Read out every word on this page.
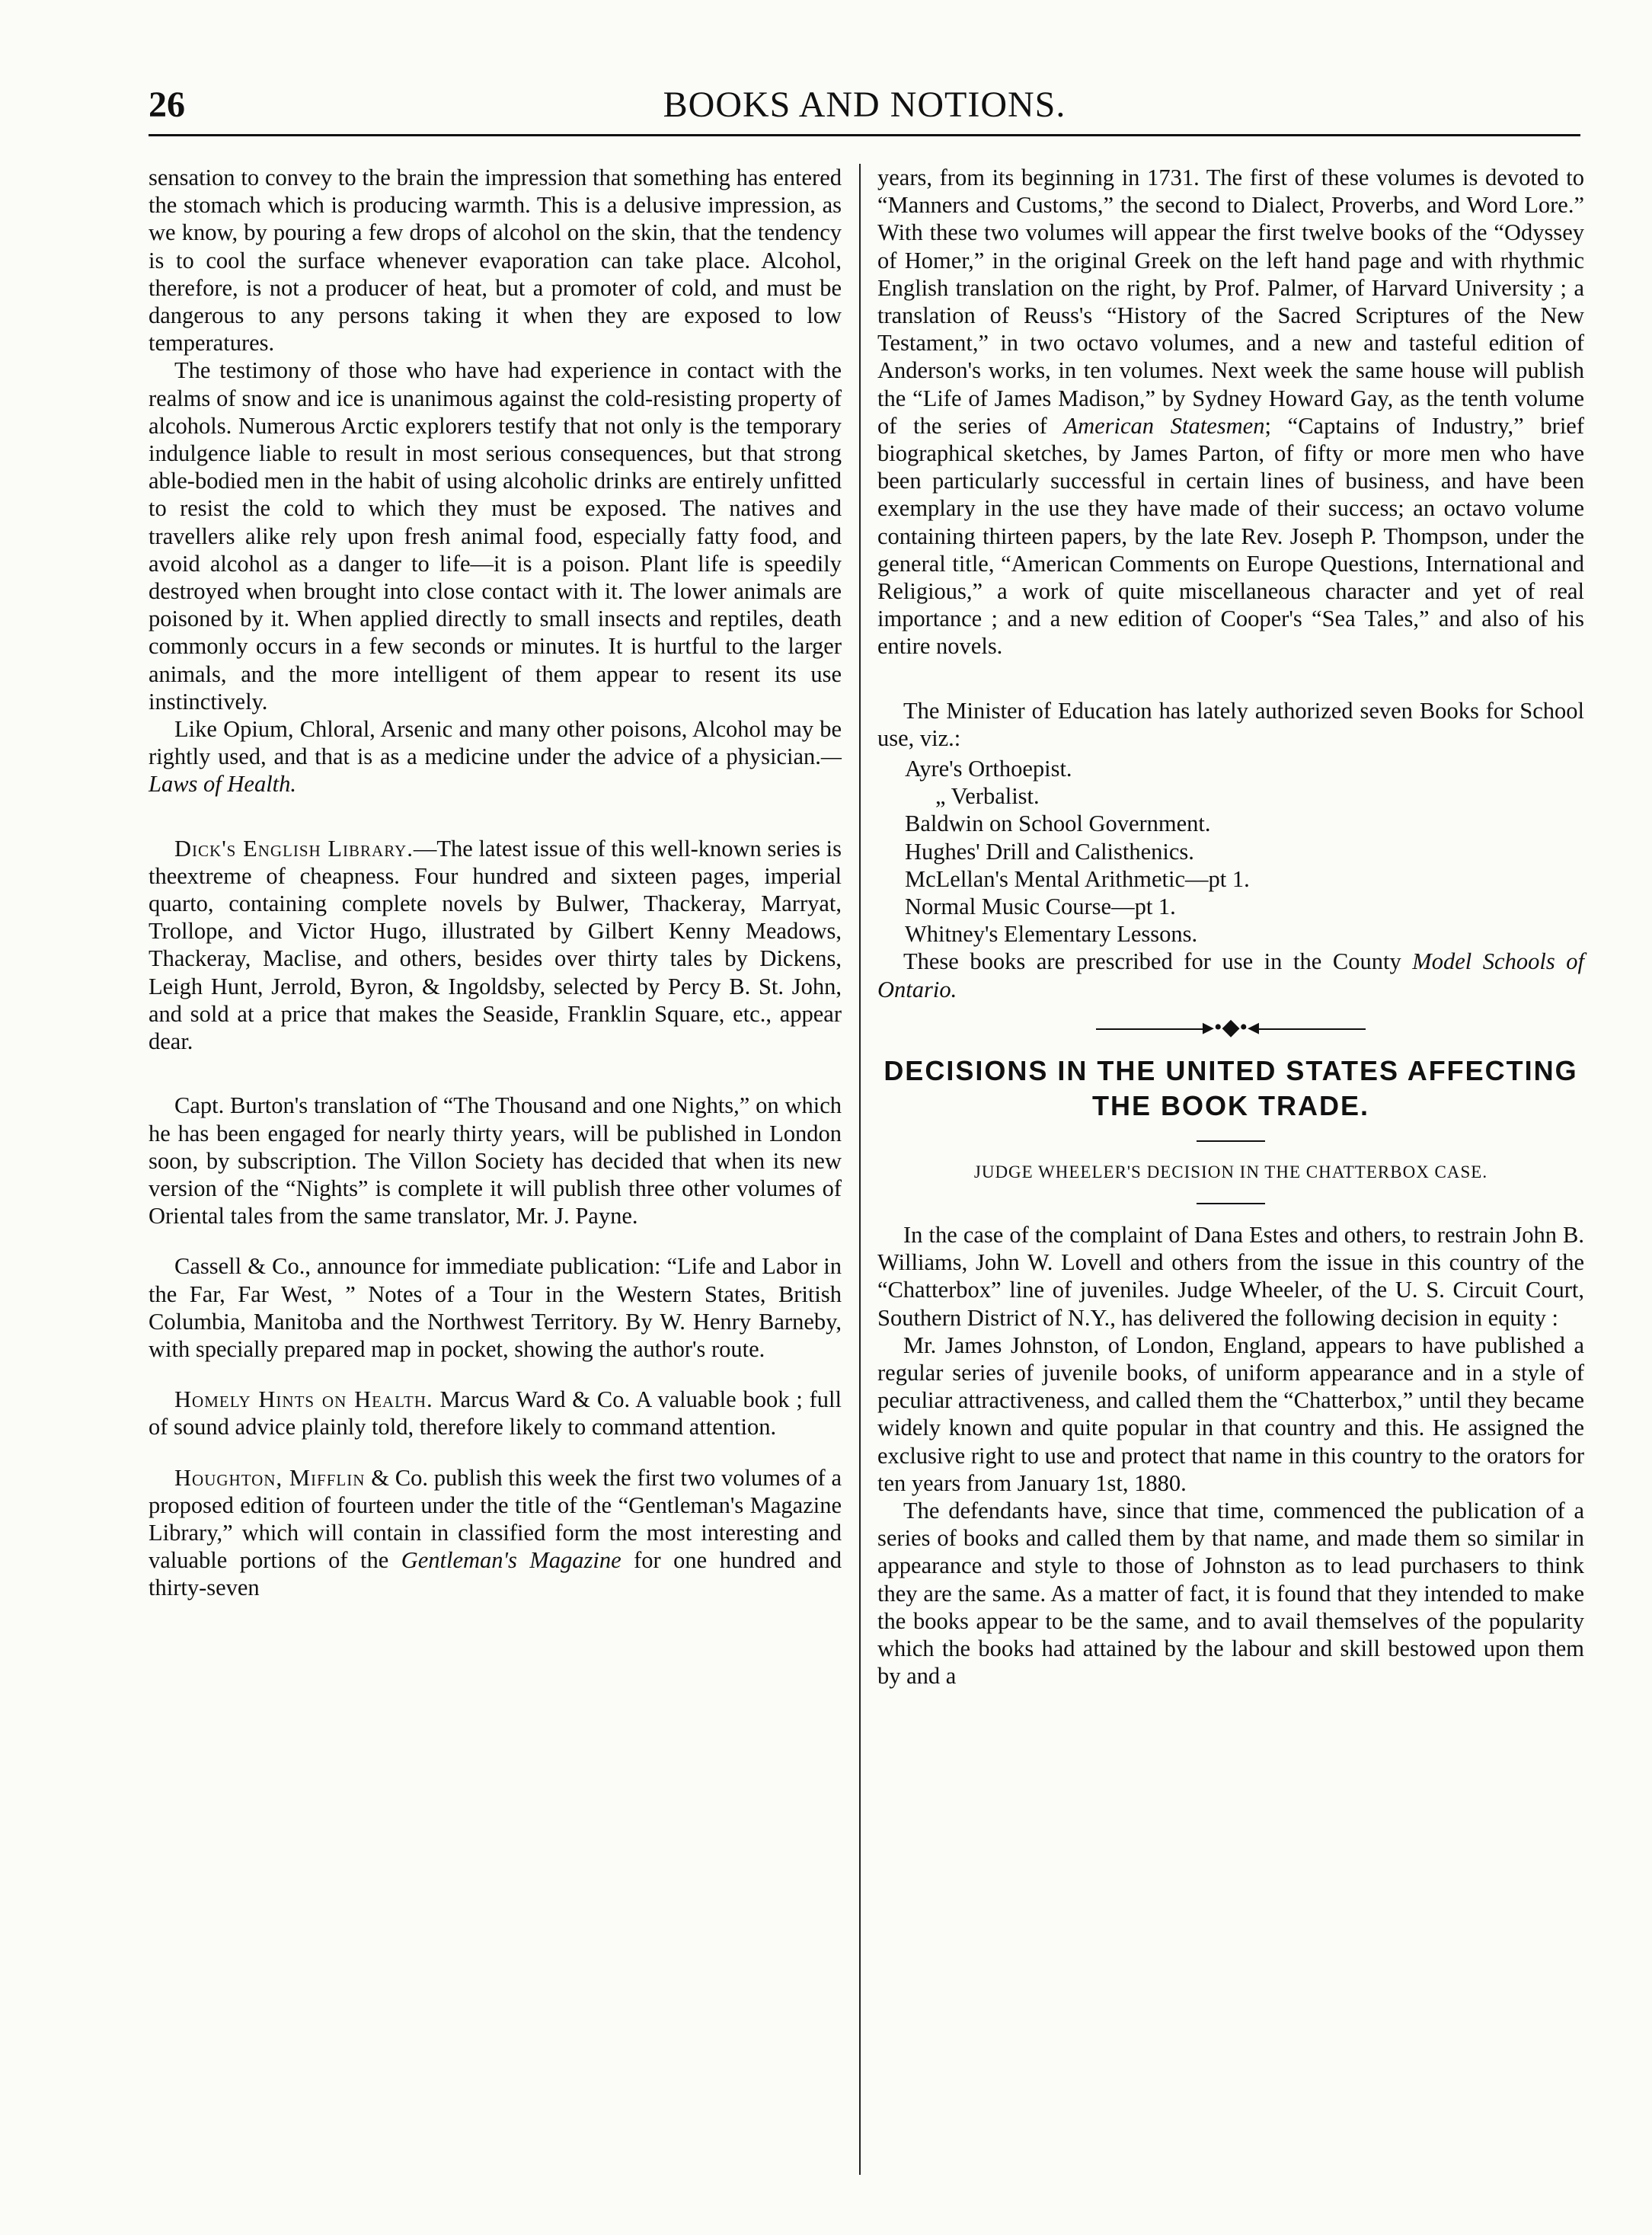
26	BOOKS AND NOTIONS.

sensation to convey to the brain the impression that something has entered the stomach which is producing warmth. This is a delusive impression, as we know, by pouring a few drops of alcohol on the skin, that the tendency is to cool the surface whenever evaporation can take place. Alcohol, therefore, is not a producer of heat, but a promoter of cold, and must be dangerous to any persons taking it when they are exposed to low temperatures.

The testimony of those who have had experience in contact with the realms of snow and ice is unanimous against the cold-resisting property of alcohols. Numerous Arctic explorers testify that not only is the temporary indulgence liable to result in most serious consequences, but that strong able-bodied men in the habit of using alcoholic drinks are entirely unfitted to resist the cold to which they must be exposed. The natives and travellers alike rely upon fresh animal food, especially fatty food, and avoid alcohol as a danger to life—it is a poison. Plant life is speedily destroyed when brought into close contact with it. The lower animals are poisoned by it. When applied directly to small insects and reptiles, death commonly occurs in a few seconds or minutes. It is hurtful to the larger animals, and the more intelligent of them appear to resent its use instinctively.

Like Opium, Chloral, Arsenic and many other poisons, Alcohol may be rightly used, and that is as a medicine under the advice of a physician.—Laws of Health.

Dick's English Library.—The latest issue of this well-known series is theextreme of cheapness. Four hundred and sixteen pages, imperial quarto, containing complete novels by Bulwer, Thackeray, Marryat, Trollope, and Victor Hugo, illustrated by Gilbert Kenny Meadows, Thackeray, Maclise, and others, besides over thirty tales by Dickens, Leigh Hunt, Jerrold, Byron, & Ingoldsby, selected by Percy B. St. John, and sold at a price that makes the Seaside, Franklin Square, etc., appear dear.

Capt. Burton's translation of “The Thousand and one Nights,” on which he has been engaged for nearly thirty years, will be published in London soon, by subscription. The Villon Society has decided that when its new version of the “Nights” is complete it will publish three other volumes of Oriental tales from the same translator, Mr. J. Payne.

Cassell & Co., announce for immediate publication: “Life and Labor in the Far, Far West, ” Notes of a Tour in the Western States, British Columbia, Manitoba and the Northwest Territory. By W. Henry Barneby, with specially prepared map in pocket, showing the author's route.

Homely Hints on Health. Marcus Ward & Co. A valuable book ; full of sound advice plainly told, therefore likely to command attention.

Houghton, Mifflin & Co. publish this week the first two volumes of a proposed edition of fourteen under the title of the “Gentleman's Magazine Library,” which will contain in classified form the most interesting and valuable portions of the Gentleman's Magazine for one hundred and thirty-seven

years, from its beginning in 1731. The first of these volumes is devoted to “Manners and Customs,” the second to Dialect, Proverbs, and Word Lore.” With these two volumes will appear the first twelve books of the “Odyssey of Homer,” in the original Greek on the left hand page and with rhythmic English translation on the right, by Prof. Palmer, of Harvard University ; a translation of Reuss's “History of the Sacred Scriptures of the New Testament,” in two octavo volumes, and a new and tasteful edition of Anderson's works, in ten volumes. Next week the same house will publish the “Life of James Madison,” by Sydney Howard Gay, as the tenth volume of the series of American Statesmen; “Captains of Industry,” brief biographical sketches, by James Parton, of fifty or more men who have been particularly successful in certain lines of business, and have been exemplary in the use they have made of their success; an octavo volume containing thirteen papers, by the late Rev. Joseph P. Thompson, under the general title, “American Comments on Europe Questions, International and Religious,” a work of quite miscellaneous character and yet of real importance ; and a new edition of Cooper's “Sea Tales,” and also of his entire novels.

The Minister of Education has lately authorized seven Books for School use, viz.:

Ayre's Orthoepist.
„ Verbalist.
Baldwin on School Government.
Hughes' Drill and Calisthenics.
McLellan's Mental Arithmetic—pt 1.
Normal Music Course—pt 1.
Whitney's Elementary Lessons.

These books are prescribed for use in the County Model Schools of Ontario.

▸•◆•◂
DECISIONS IN THE UNITED STATES AFFECTING THE BOOK TRADE.
JUDGE WHEELER'S DECISION IN THE CHATTERBOX CASE.

In the case of the complaint of Dana Estes and others, to restrain John B. Williams, John W. Lovell and others from the issue in this country of the “Chatterbox” line of juveniles. Judge Wheeler, of the U. S. Circuit Court, Southern District of N.Y., has delivered the following decision in equity :

Mr. James Johnston, of London, England, appears to have published a regular series of juvenile books, of uniform appearance and in a style of peculiar attractiveness, and called them the “Chatterbox,” until they became widely known and quite popular in that country and this. He assigned the exclusive right to use and protect that name in this country to the orators for ten years from January 1st, 1880.

The defendants have, since that time, commenced the publication of a series of books and called them by that name, and made them so similar in appearance and style to those of Johnston as to lead purchasers to think they are the same. As a matter of fact, it is found that they intended to make the books appear to be the same, and to avail themselves of the popularity which the books had attained by the labour and skill bestowed upon them by and a
